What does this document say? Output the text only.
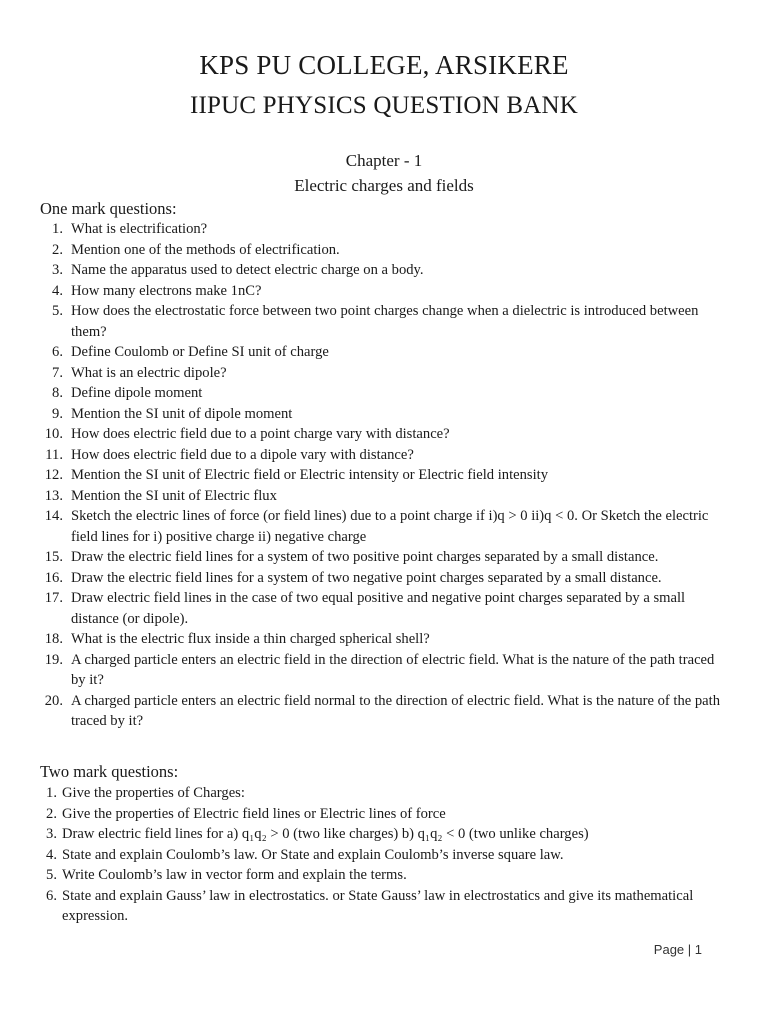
KPS PU COLLEGE, ARSIKERE
IIPUC PHYSICS QUESTION BANK
Chapter - 1
Electric charges and fields
One mark questions:
1. What is electrification?
2. Mention one of the methods of electrification.
3. Name the apparatus used to detect electric charge on a body.
4. How many electrons make 1nC?
5. How does the electrostatic force between two point charges change when a dielectric is introduced between them?
6. Define Coulomb or Define SI unit of charge
7. What is an electric dipole?
8. Define dipole moment
9. Mention the SI unit of dipole moment
10. How does electric field due to a point charge vary with distance?
11. How does electric field due to a dipole vary with distance?
12. Mention the SI unit of Electric field or Electric intensity or Electric field intensity
13. Mention the SI unit of Electric flux
14. Sketch the electric lines of force (or field lines) due to a point charge if i)q > 0 ii)q < 0. Or Sketch the electric field lines for i) positive charge ii) negative charge
15. Draw the electric field lines for a system of two positive point charges separated by a small distance.
16. Draw the electric field lines for a system of two negative point charges separated by a small distance.
17. Draw electric field lines in the case of two equal positive and negative point charges separated by a small distance (or dipole).
18. What is the electric flux inside a thin charged spherical shell?
19. A charged particle enters an electric field in the direction of electric field. What is the nature of the path traced by it?
20. A charged particle enters an electric field normal to the direction of electric field. What is the nature of the path traced by it?
Two mark questions:
1. Give the properties of Charges:
2. Give the properties of Electric field lines or Electric lines of force
3. Draw electric field lines for a) q₁q₂ > 0 (two like charges) b) q₁q₂ < 0 (two unlike charges)
4. State and explain Coulomb’s law. Or State and explain Coulomb’s inverse square law.
5. Write Coulomb’s law in vector form and explain the terms.
6. State and explain Gauss’ law in electrostatics. or State Gauss’ law in electrostatics and give its mathematical expression.
Page | 1
